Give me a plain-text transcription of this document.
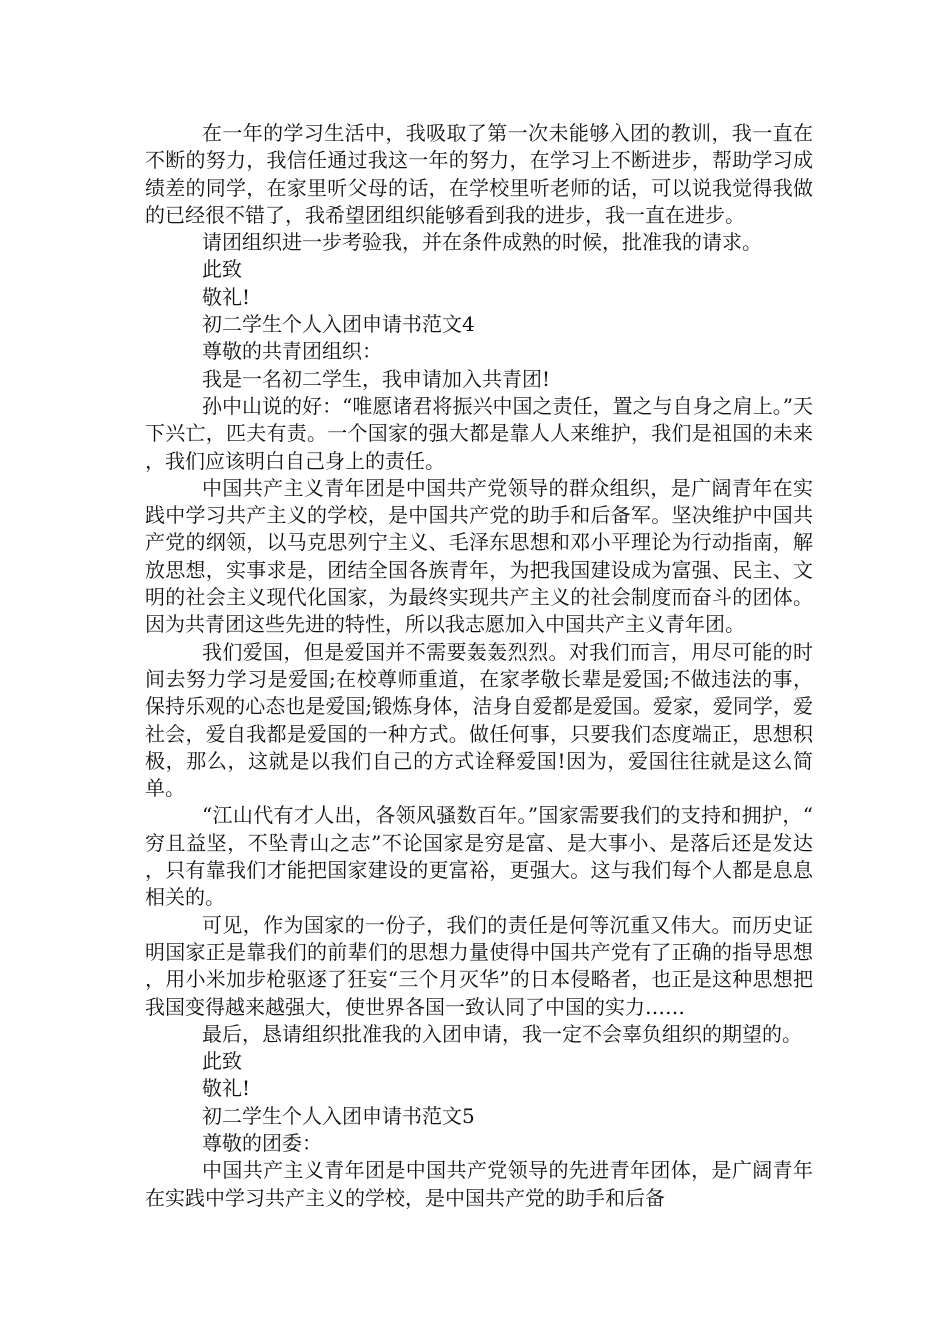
在一年的学习生活中，我吸取了第一次未能够入团的教训，我一直在不断的努力，我信任通过我这一年的努力，在学习上不断进步，帮助学习成绩差的同学，在家里听父母的话，在学校里听老师的话，可以说我觉得我做的已经很不错了，我希望团组织能够看到我的进步，我一直在进步。

请团组织进一步考验我，并在条件成熟的时候，批准我的请求。

此致

敬礼!

初二学生个人入团申请书范文4

尊敬的共青团组织：

我是一名初二学生，我申请加入共青团!

孙中山说的好：“唯愿诸君将振兴中国之责任，置之与自身之肩上。”天下兴亡，匹夫有责。一个国家的强大都是靠人人来维护，我们是祖国的未来，我们应该明白自己身上的责任。

中国共产主义青年团是中国共产党领导的群众组织，是广阔青年在实践中学习共产主义的学校，是中国共产党的助手和后备军。坚决维护中国共产党的纲领，以马克思列宁主义、毛泽东思想和邓小平理论为行动指南，解放思想，实事求是，团结全国各族青年，为把我国建设成为富强、民主、文明的社会主义现代化国家，为最终实现共产主义的社会制度而奋斗的团体。因为共青团这些先进的特性，所以我志愿加入中国共产主义青年团。

我们爱国，但是爱国并不需要轰轰烈烈。对我们而言，用尽可能的时间去努力学习是爱国;在校尊师重道，在家孝敬长辈是爱国;不做违法的事，保持乐观的心态也是爱国;锻炼身体，洁身自爱都是爱国。爱家，爱同学，爱社会，爱自我都是爱国的一种方式。做任何事，只要我们态度端正，思想积极，那么，这就是以我们自己的方式诠释爱国!因为，爱国往往就是这么简单。

“江山代有才人出，各领风骚数百年。”国家需要我们的支持和拥护，“穷且益坚，不坠青山之志”不论国家是穷是富、是大事小、是落后还是发达，只有靠我们才能把国家建设的更富裕，更强大。这与我们每个人都是息息相关的。

可见，作为国家的一份子，我们的责任是何等沉重又伟大。而历史证明国家正是靠我们的前辈们的思想力量使得中国共产党有了正确的指导思想，用小米加步枪驱逐了狂妄“三个月灭华”的日本侵略者，也正是这种思想把我国变得越来越强大，使世界各国一致认同了中国的实力……

最后，恳请组织批准我的入团申请，我一定不会辜负组织的期望的。

此致

敬礼!

初二学生个人入团申请书范文5

尊敬的团委：

中国共产主义青年团是中国共产党领导的先进青年团体，是广阔青年在实践中学习共产主义的学校，是中国共产党的助手和后备
